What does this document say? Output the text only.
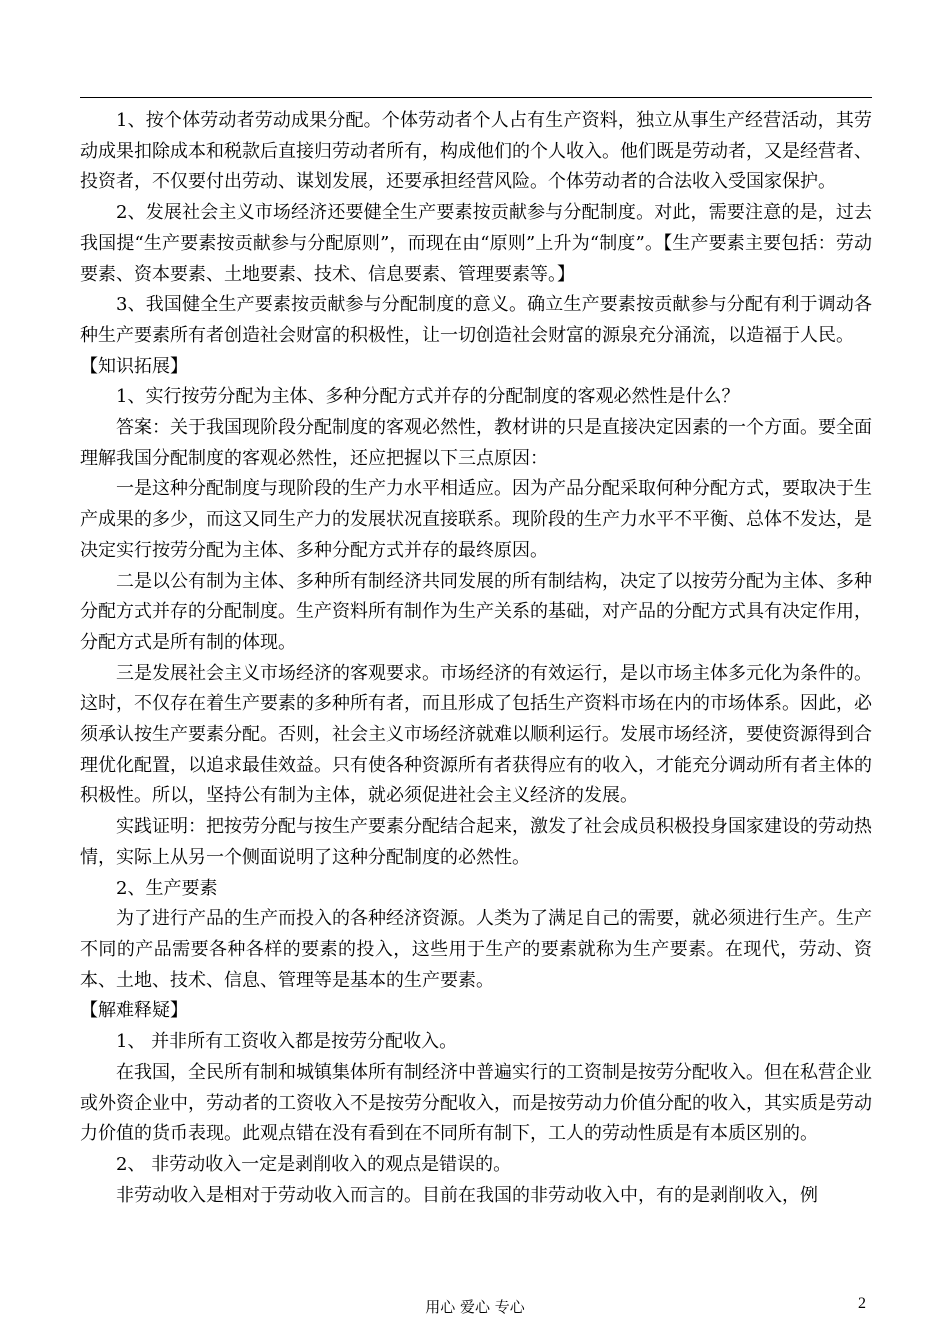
1、按个体劳动者劳动成果分配。个体劳动者个人占有生产资料，独立从事生产经营活动，其劳动成果扣除成本和税款后直接归劳动者所有，构成他们的个人收入。他们既是劳动者，又是经营者、投资者，不仅要付出劳动、谋划发展，还要承担经营风险。个体劳动者的合法收入受国家保护。

2、发展社会主义市场经济还要健全生产要素按贡献参与分配制度。对此，需要注意的是，过去我国提“生产要素按贡献参与分配原则”，而现在由“原则”上升为“制度”。【生产要素主要包括：劳动要素、资本要素、土地要素、技术、信息要素、管理要素等。】

3、我国健全生产要素按贡献参与分配制度的意义。确立生产要素按贡献参与分配有利于调动各种生产要素所有者创造社会财富的积极性，让一切创造社会财富的源泉充分涌流，以造福于人民。

【知识拓展】

1、实行按劳分配为主体、多种分配方式并存的分配制度的客观必然性是什么？

答案：关于我国现阶段分配制度的客观必然性，教材讲的只是直接决定因素的一个方面。要全面理解我国分配制度的客观必然性，还应把握以下三点原因：

一是这种分配制度与现阶段的生产力水平相适应。因为产品分配采取何种分配方式，要取决于生产成果的多少，而这又同生产力的发展状况直接联系。现阶段的生产力水平不平衡、总体不发达，是决定实行按劳分配为主体、多种分配方式并存的最终原因。

二是以公有制为主体、多种所有制经济共同发展的所有制结构，决定了以按劳分配为主体、多种分配方式并存的分配制度。生产资料所有制作为生产关系的基础，对产品的分配方式具有决定作用，分配方式是所有制的体现。

三是发展社会主义市场经济的客观要求。市场经济的有效运行，是以市场主体多元化为条件的。这时，不仅存在着生产要素的多种所有者，而且形成了包括生产资料市场在内的市场体系。因此，必须承认按生产要素分配。否则，社会主义市场经济就难以顺利运行。发展市场经济，要使资源得到合理优化配置，以追求最佳效益。只有使各种资源所有者获得应有的收入，才能充分调动所有者主体的积极性。所以，坚持公有制为主体，就必须促进社会主义经济的发展。

实践证明：把按劳分配与按生产要素分配结合起来，激发了社会成员积极投身国家建设的劳动热情，实际上从另一个侧面说明了这种分配制度的必然性。

2、生产要素

为了进行产品的生产而投入的各种经济资源。人类为了满足自己的需要，就必须进行生产。生产不同的产品需要各种各样的要素的投入，这些用于生产的要素就称为生产要素。在现代，劳动、资本、土地、技术、信息、管理等是基本的生产要素。

【解难释疑】

1、 并非所有工资收入都是按劳分配收入。

在我国，全民所有制和城镇集体所有制经济中普遍实行的工资制是按劳分配收入。但在私营企业或外资企业中，劳动者的工资收入不是按劳分配收入，而是按劳动力价值分配的收入，其实质是劳动力价值的货币表现。此观点错在没有看到在不同所有制下，工人的劳动性质是有本质区别的。

2、 非劳动收入一定是剥削收入的观点是错误的。

非劳动收入是相对于劳动收入而言的。目前在我国的非劳动收入中，有的是剥削收入，例

用心 爱心 专心	2
